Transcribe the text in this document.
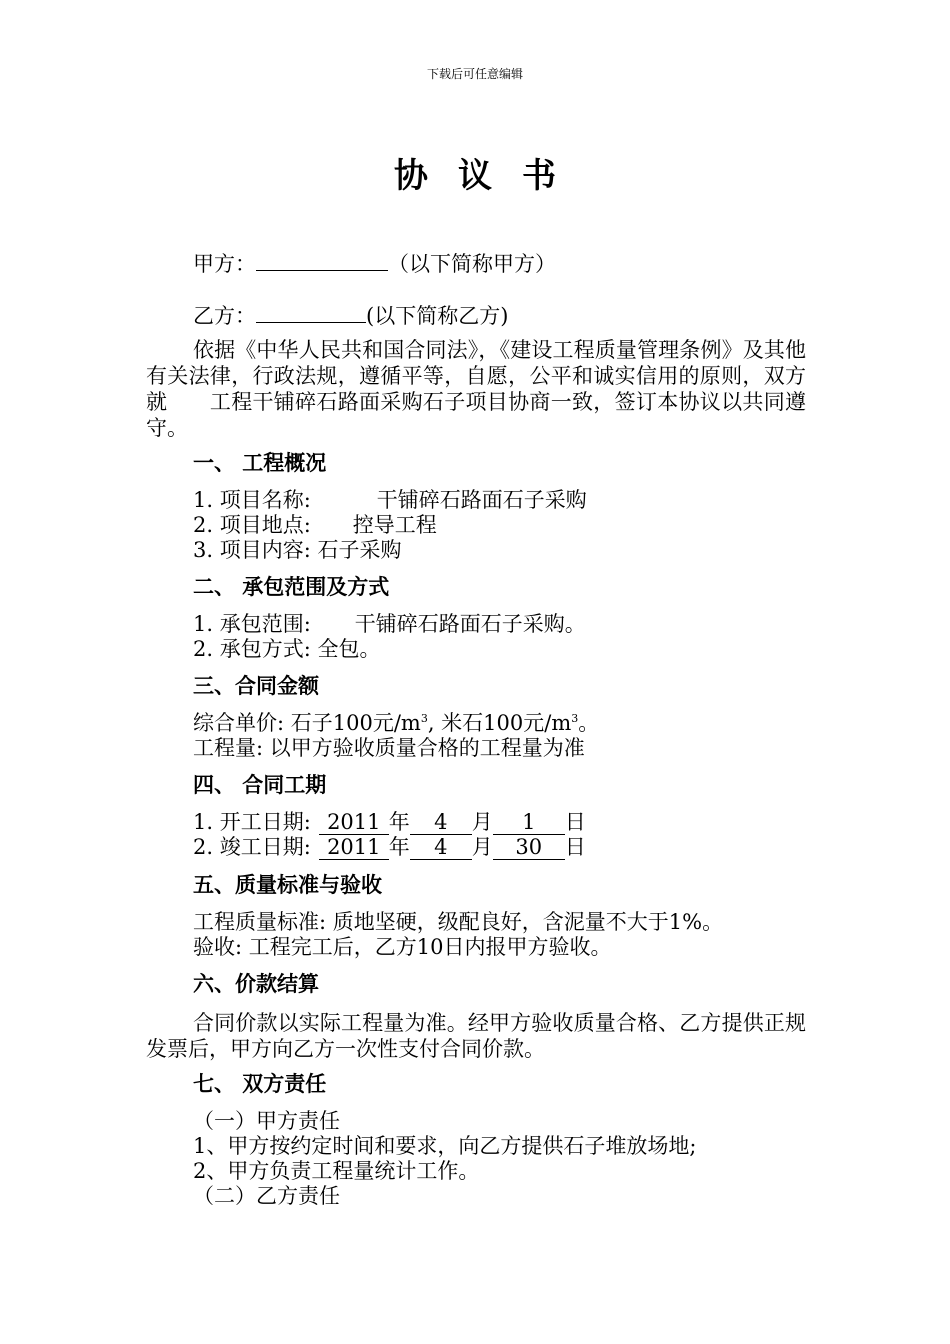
下载后可任意编辑
协议书
甲方：	（以下简称甲方）
乙方：	(以下简称乙方)
依据《中华人民共和国合同法》，《建设工程质量管理条例》及其他有关法律，行政法规，遵循平等，自愿，公平和诚实信用的原则，双方就　　工程干铺碎石路面采购石子项目协商一致，签订本协议以共同遵守。
一、 工程概况
1. 项目名称:	干铺碎石路面石子采购
2. 项目地点: 控导工程
3. 项目内容: 石子采购
二、 承包范围及方式
1. 承包范围: 干铺碎石路面石子采购。
2. 承包方式: 全包。
三、合同金额
综合单价: 石子100元$/m^3$, 米石100元$/m^3$。
工程量: 以甲方验收质量合格的工程量为准
四、 合同工期
1. 开工日期: 2011 年 4 月 1 日
2. 竣工日期: 2011 年 4 月 30 日
五、质量标准与验收
工程质量标准: 质地坚硬，级配良好，含泥量不大于1%。
验收: 工程完工后，乙方10日内报甲方验收。
六、价款结算
合同价款以实际工程量为准。经甲方验收质量合格、乙方提供正规发票后，甲方向乙方一次性支付合同价款。
七、 双方责任
（一）甲方责任
1、甲方按约定时间和要求，向乙方提供石子堆放场地;
2、甲方负责工程量统计工作。
（二）乙方责任
